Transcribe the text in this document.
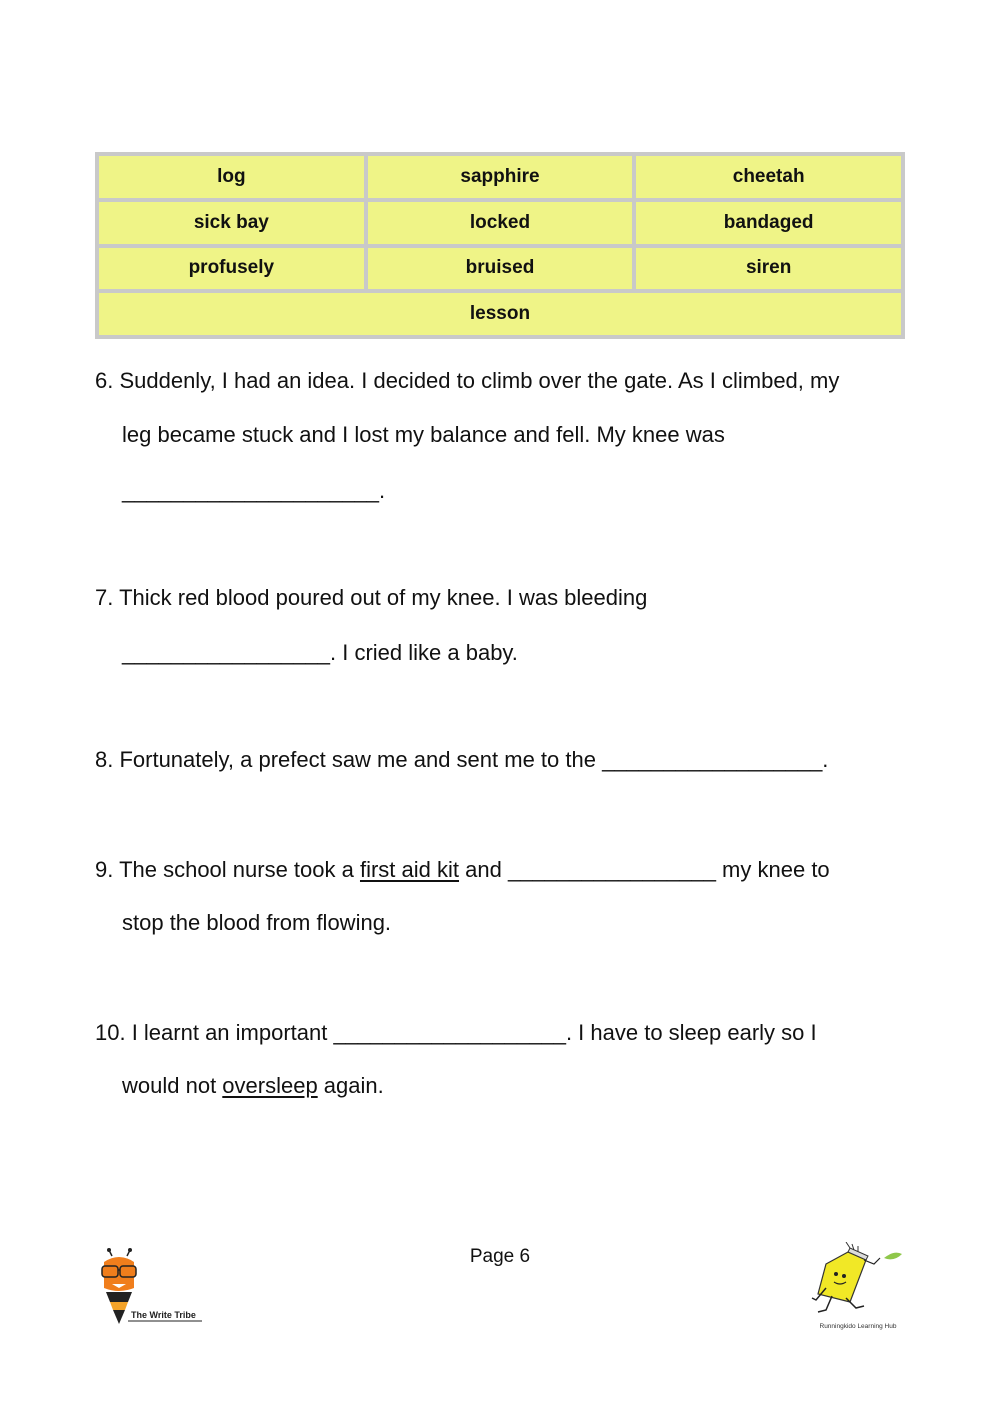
log	sapphire	cheetah
sick bay	locked	bandaged
profusely	bruised	siren
lesson
6. Suddenly, I had an idea. I decided to climb over the gate. As I climbed, my
leg became stuck and I lost my balance and fell. My knee was
_____________________.
7. Thick red blood poured out of my knee. I was bleeding
_________________. I cried like a baby.
8. Fortunately, a prefect saw me and sent me to the __________________.
9. The school nurse took a first aid kit and _________________ my knee to
stop the blood from flowing.
10. I learnt an important ___________________. I have to sleep early so I
would not oversleep again.
Page 6
The Write Tribe
Runningkido Learning Hub
